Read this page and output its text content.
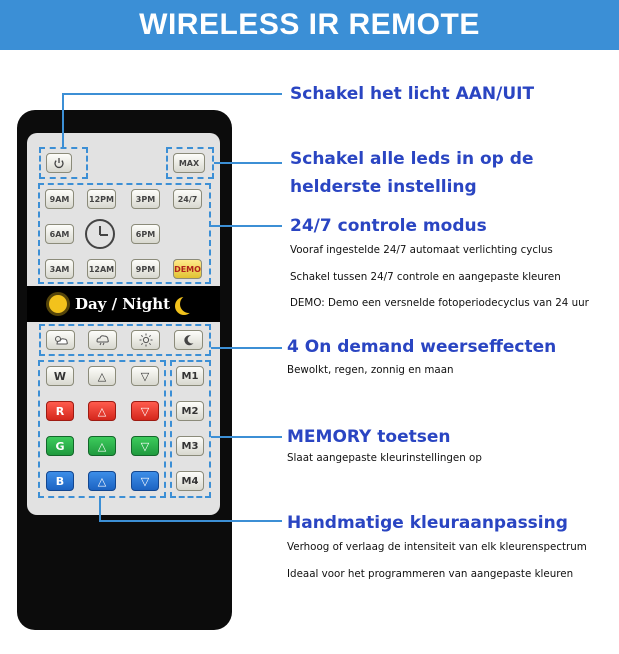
WIRELESS IR REMOTE
Day / Night
MAX
9AM	12PM	3PM	24/7
6AM	6PM
3AM	12AM	9PM	DEMO
W	△	▽
R	△	▽
G	△	▽
B	△	▽
M1
M2
M3
M4
Schakel het licht AAN/UIT
Schakel alle leds in op de
helderste instelling
24/7 controle modus
Vooraf ingestelde 24/7 automaat verlichting cyclus
Schakel tussen 24/7 controle en aangepaste kleuren
DEMO: Demo een versnelde fotoperiodecyclus van 24 uur
4 On demand weerseffecten
Bewolkt, regen, zonnig en maan
MEMORY toetsen
Slaat aangepaste kleurinstellingen op
Handmatige kleuraanpassing
Verhoog of verlaag de intensiteit van elk kleurenspectrum
Ideaal voor het programmeren van aangepaste kleuren
